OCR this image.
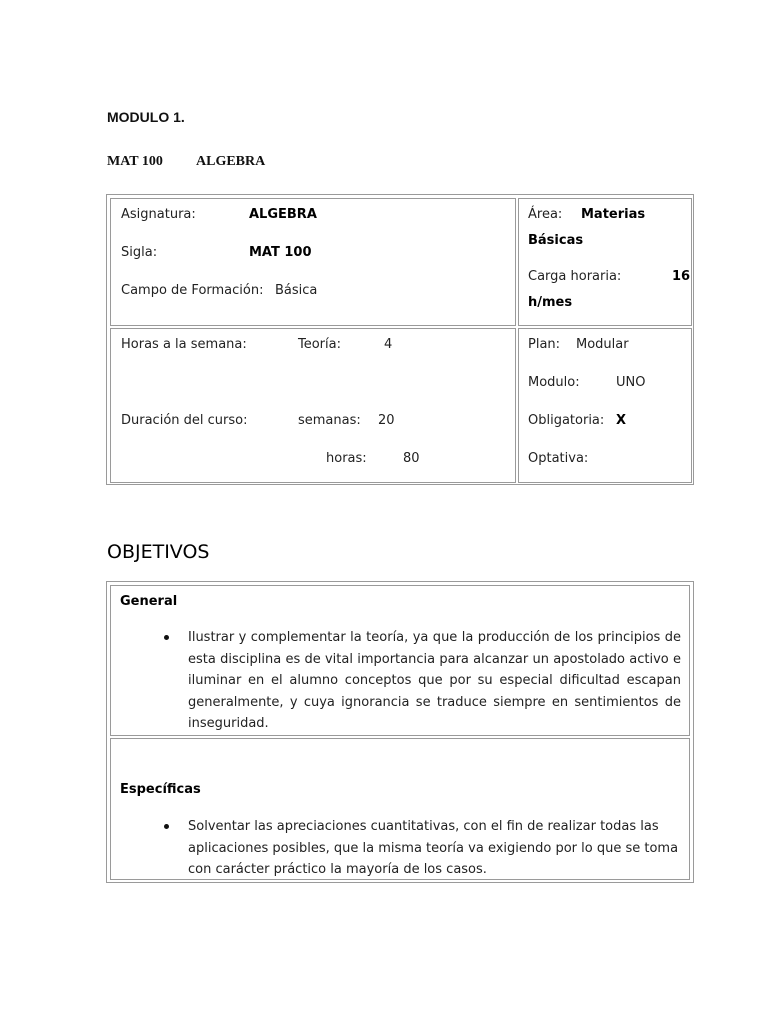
MODULO 1.
MAT 100 ALGEBRA
Asignatura:	ALGEBRA
Sigla:	MAT 100
Campo de Formación: Básica
Área: Materias
Básicas
Carga horaria:	16
h/mes
Horas a la semana:	Teoría:	4
Duración del curso:	semanas: 20
horas:	80
Plan: Modular
Modulo:	UNO
Obligatoria: X
Optativa:
OBJETIVOS
General
Ilustrar y complementar la teoría, ya que la producción de los principios de esta disciplina es de vital importancia para alcanzar un apostolado activo e iluminar en el alumno conceptos que por su especial dificultad escapan generalmente, y cuya ignorancia se traduce siempre en sentimientos de inseguridad.
Específicas
Solventar las apreciaciones cuantitativas, con el fin de realizar todas las aplicaciones posibles, que la misma teoría va exigiendo por lo que se toma con carácter práctico la mayoría de los casos.
